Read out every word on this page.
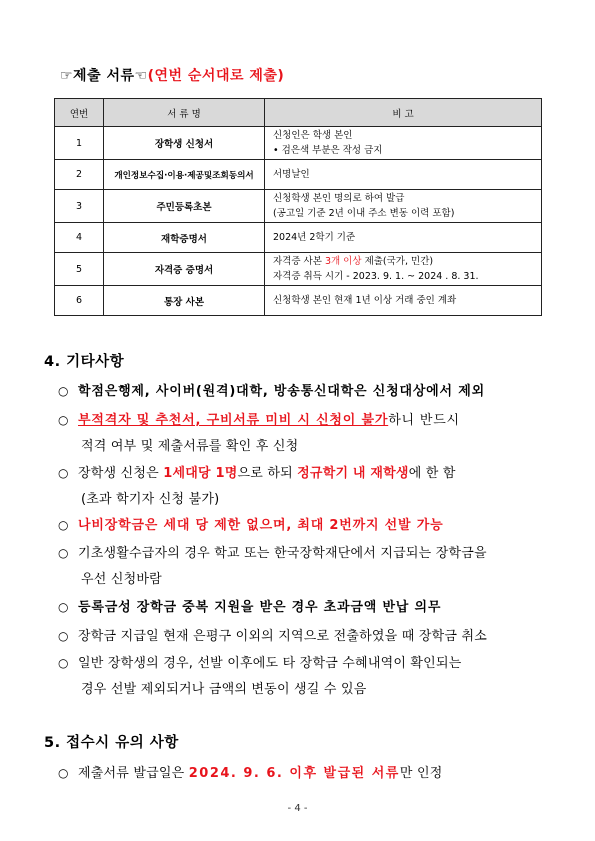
☞제출 서류☜(연번 순서대로 제출)
연번	서 류 명	비 고
1	장학생 신청서	신청인은 학생 본인
• 검은색 부분은 작성 금지

2	개인정보수집·이용·제공및조회동의서	서명날인
3	주민등록초본	신청학생 본인 명의로 하여 발급
(공고일 기준 2년 이내 주소 변동 이력 포함)

4	재학증명서	2024년 2학기 기준
5	자격증 증명서	자격증 사본 3개 이상 제출(국가, 민간)
자격증 취득 시기 - 2023. 9. 1. ~ 2024 . 8. 31.

6	통장 사본	신청학생 본인 현재 1년 이상 거래 중인 계좌
4. 기타사항
○ 학점은행제, 사이버(원격)대학, 방송통신대학은 신청대상에서 제외
○ 부적격자 및 추천서, 구비서류 미비 시 신청이 불가하니 반드시
적격 여부 및 제출서류를 확인 후 신청
○ 장학생 신청은 1세대당 1명으로 하되 정규학기 내 재학생에 한 함
(초과 학기자 신청 불가)
○ 나비장학금은 세대 당 제한 없으며, 최대 2번까지 선발 가능
○ 기초생활수급자의 경우 학교 또는 한국장학재단에서 지급되는 장학금을
우선 신청바람
○ 등록금성 장학금 중복 지원을 받은 경우 초과금액 반납 의무
○ 장학금 지급일 현재 은평구 이외의 지역으로 전출하였을 때 장학금 취소
○ 일반 장학생의 경우, 선발 이후에도 타 장학금 수혜내역이 확인되는
경우 선발 제외되거나 금액의 변동이 생길 수 있음
5. 접수시 유의 사항
○ 제출서류 발급일은 2024. 9. 6. 이후 발급된 서류만 인정
- 4 -
